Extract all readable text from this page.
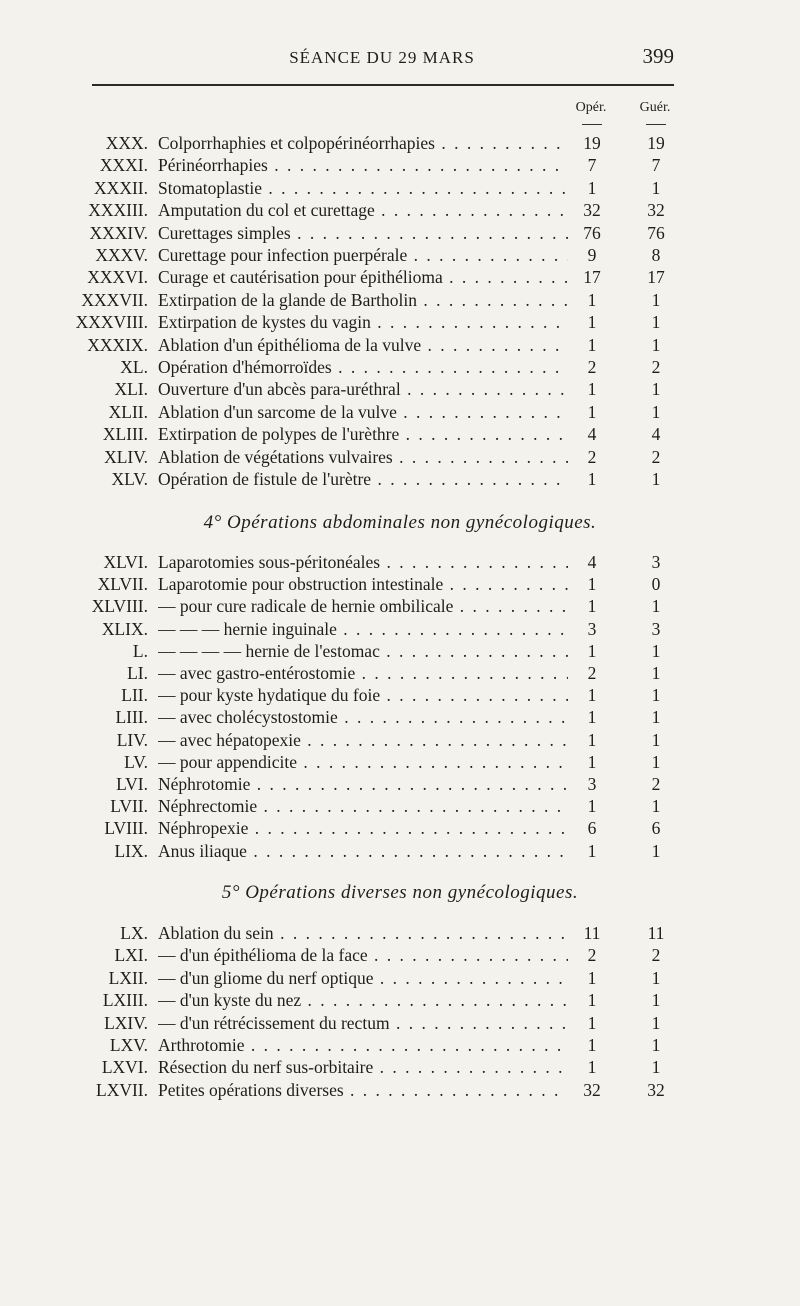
SÉANCE DU 29 MARS	399
Opér.	Guér.
XXX. Colporrhaphies et colpopérinéorrhapies . . .	19	19
XXXI. Périnéorrhapies . . .	7	7
XXXII. Stomatoplastie . . .	1	1
XXXIII. Amputation du col et curettage . . .	32	32
XXXIV. Curettages simples . . .	76	76
XXXV. Curettage pour infection puerpérale . . .	9	8
XXXVI. Curage et cautérisation pour épithélioma . . .	17	17
XXXVII. Extirpation de la glande de Bartholin . . .	1	1
XXXVIII. Extirpation de kystes du vagin . . .	1	1
XXXIX. Ablation d'un épithélioma de la vulve . . .	1	1
XL. Opération d'hémorroïdes . . .	2	2
XLI. Ouverture d'un abcès para-uréthral . . .	1	1
XLII. Ablation d'un sarcome de la vulve . . .	1	1
XLIII. Extirpation de polypes de l'urèthre . . .	4	4
XLIV. Ablation de végétations vulvaires . . .	2	2
XLV. Opération de fistule de l'urètre . . .	1	1
4° Opérations abdominales non gynécologiques.
XLVI. Laparotomies sous-péritonéales . . .	4	3
XLVII. Laparotomie pour obstruction intestinale . . .	1	0
XLVIII. — pour cure radicale de hernie ombilicale . . .	1	1
XLIX. — — — hernie inguinale . . .	3	3
L. — — — — hernie de l'estomac . . .	1	1
LI. — avec gastro-entérostomie . . .	2	1
LII. — pour kyste hydatique du foie . . .	1	1
LIII. — avec cholécystostomie . . .	1	1
LIV. — avec hépatopexie . . .	1	1
LV. — pour appendicite . . .	1	1
LVI. Néphrotomie . . .	3	2
LVII. Néphrectomie . . .	1	1
LVIII. Néphropexie . . .	6	6
LIX. Anus iliaque . . .	1	1
5° Opérations diverses non gynécologiques.
LX. Ablation du sein . . .	11	11
LXI. — d'un épithélioma de la face . . .	2	2
LXII. — d'un gliome du nerf optique . . .	1	1
LXIII. — d'un kyste du nez . . .	1	1
LXIV. — d'un rétrécissement du rectum . . .	1	1
LXV. Arthrotomie . . .	1	1
LXVI. Résection du nerf sus-orbitaire . . .	1	1
LXVII. Petites opérations diverses . . .	32	32
